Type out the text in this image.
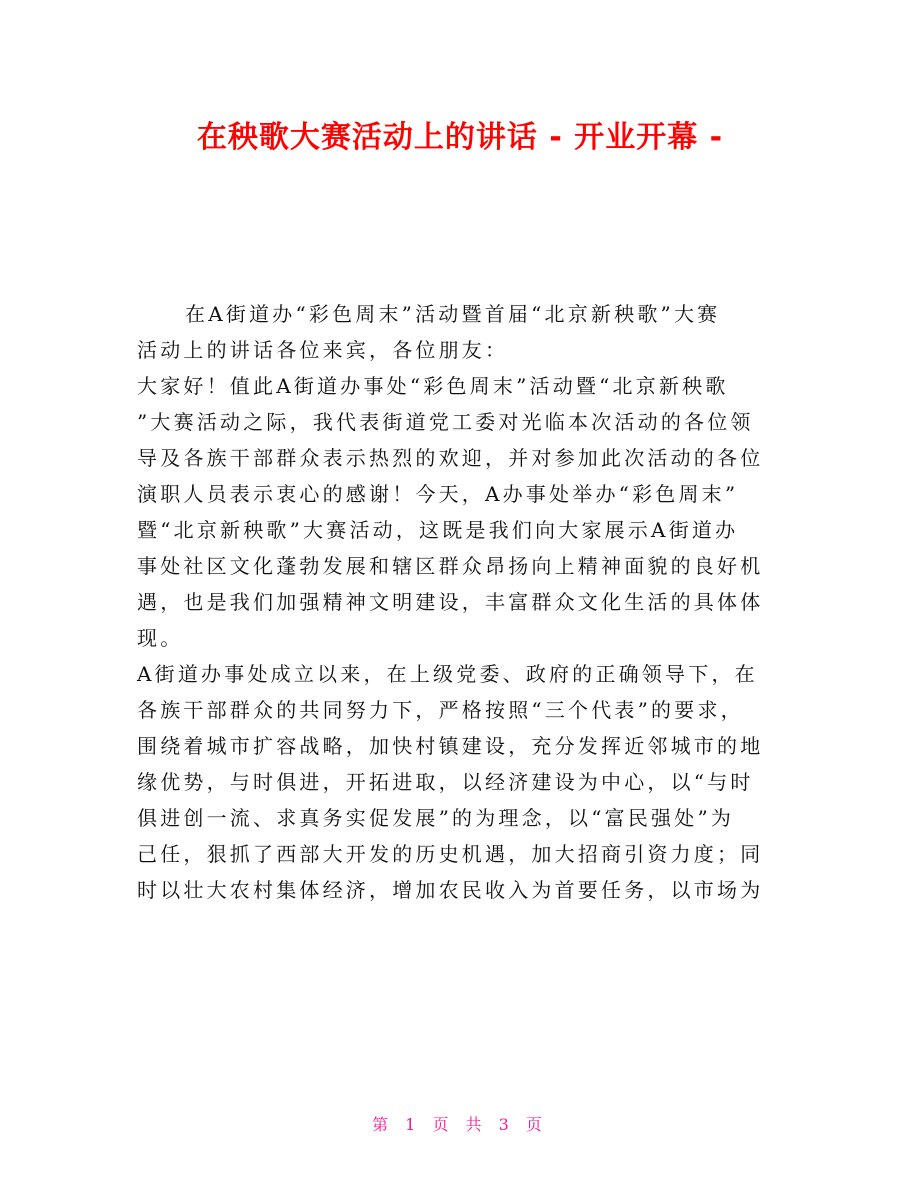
在秧歌大赛活动上的讲话 - 开业开幕 -
在A街道办“彩色周末”活动暨首届“北京新秧歌”大赛
活动上的讲话各位来宾，各位朋友：
大家好！值此A街道办事处“彩色周末”活动暨“北京新秧歌
”大赛活动之际，我代表街道党工委对光临本次活动的各位领
导及各族干部群众表示热烈的欢迎，并对参加此次活动的各位
演职人员表示衷心的感谢！今天，A办事处举办“彩色周末”
暨“北京新秧歌”大赛活动，这既是我们向大家展示A街道办
事处社区文化蓬勃发展和辖区群众昂扬向上精神面貌的良好机
遇，也是我们加强精神文明建设，丰富群众文化生活的具体体
现。
A街道办事处成立以来，在上级党委、政府的正确领导下，在
各族干部群众的共同努力下，严格按照“三个代表”的要求，
围绕着城市扩容战略，加快村镇建设，充分发挥近邻城市的地
缘优势，与时俱进，开拓进取，以经济建设为中心，以“与时
俱进创一流、求真务实促发展”的为理念，以“富民强处”为
己任，狠抓了西部大开发的历史机遇，加大招商引资力度；同
时以壮大农村集体经济，增加农民收入为首要任务，以市场为
第 1 页 共 3 页
